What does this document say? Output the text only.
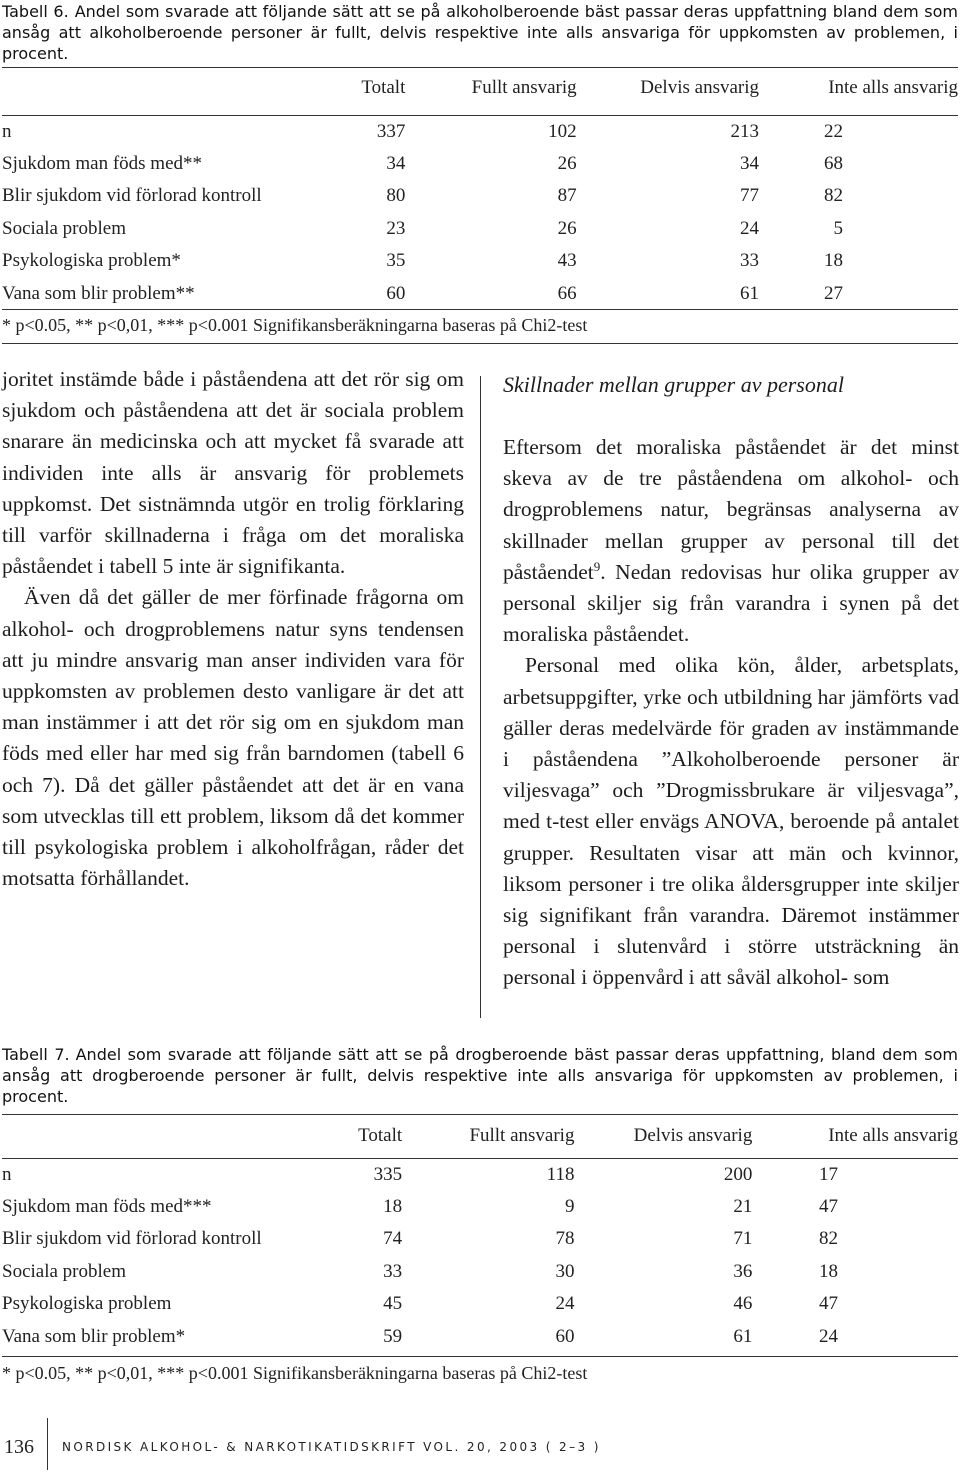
Tabell 6. Andel som svarade att följande sätt att se på alkoholberoende bäst passar deras uppfattning bland dem som ansåg att alkoholberoende personer är fullt, delvis respektive inte alls ansvariga för uppkomsten av problemen, i procent.
	Totalt	Fullt ansvarig	Delvis ansvarig	Inte alls ansvarig

n	337	102	213	22
Sjukdom man föds med**	34	26	34	68
Blir sjukdom vid förlorad kontroll	80	87	77	82
Sociala problem	23	26	24	5
Psykologiska problem*	35	43	33	18
Vana som blir problem**	60	66	61	27
* p<0.05, ** p<0,01, *** p<0.001 Signifikansberäkningarna baseras på Chi2-test

joritet instämde både i påståendena att det rör sig om sjukdom och påståendena att det är sociala problem snarare än medicinska och att mycket få svarade att individen inte alls är ansvarig för problemets uppkomst. Det sistnämnda utgör en trolig förklaring till varför skillnaderna i fråga om det moraliska påståendet i tabell 5 inte är signifikanta.

Även då det gäller de mer förfinade frågorna om alkohol- och drogproblemens natur syns tendensen att ju mindre ansvarig man anser individen vara för uppkomsten av problemen desto vanligare är det att man instämmer i att det rör sig om en sjukdom man föds med eller har med sig från barndomen (tabell 6 och 7). Då det gäller påståendet att det är en vana som utvecklas till ett problem, liksom då det kommer till psykologiska problem i alkoholfrågan, råder det motsatta förhållandet.

Skillnader mellan grupper av personal

Eftersom det moraliska påståendet är det minst skeva av de tre påståendena om alkohol- och drogproblemens natur, begränsas analyserna av skillnader mellan grupper av personal till det påståendet$^9$. Nedan redovisas hur olika grupper av personal skiljer sig från varandra i synen på det moraliska påståendet.

Personal med olika kön, ålder, arbetsplats, arbetsuppgifter, yrke och utbildning har jämförts vad gäller deras medelvärde för graden av instämmande i påståendena ”Alkoholberoende personer är viljesvaga” och ”Drogmissbrukare är viljesvaga”, med t-test eller envägs ANOVA, beroende på antalet grupper. Resultaten visar att män och kvinnor, liksom personer i tre olika åldersgrupper inte skiljer sig signifikant från varandra. Däremot instämmer personal i slutenvård i större utsträckning än personal i öppenvård i att såväl alkohol- som

Tabell 7. Andel som svarade att följande sätt att se på drogberoende bäst passar deras uppfattning, bland dem som ansåg att drogberoende personer är fullt, delvis respektive inte alls ansvariga för uppkomsten av problemen, i procent.
	Totalt	Fullt ansvarig	Delvis ansvarig	Inte alls ansvarig

n	335	118	200	17
Sjukdom man föds med***	18	9	21	47
Blir sjukdom vid förlorad kontroll	74	78	71	82
Sociala problem	33	30	36	18
Psykologiska problem	45	24	46	47
Vana som blir problem*	59	60	61	24
* p<0.05, ** p<0,01, *** p<0.001 Signifikansberäkningarna baseras på Chi2-test
136 NORDISK ALKOHOL- & NARKOTIKATIDSKRIFT VOL. 20, 2003 ( 2–3 )
